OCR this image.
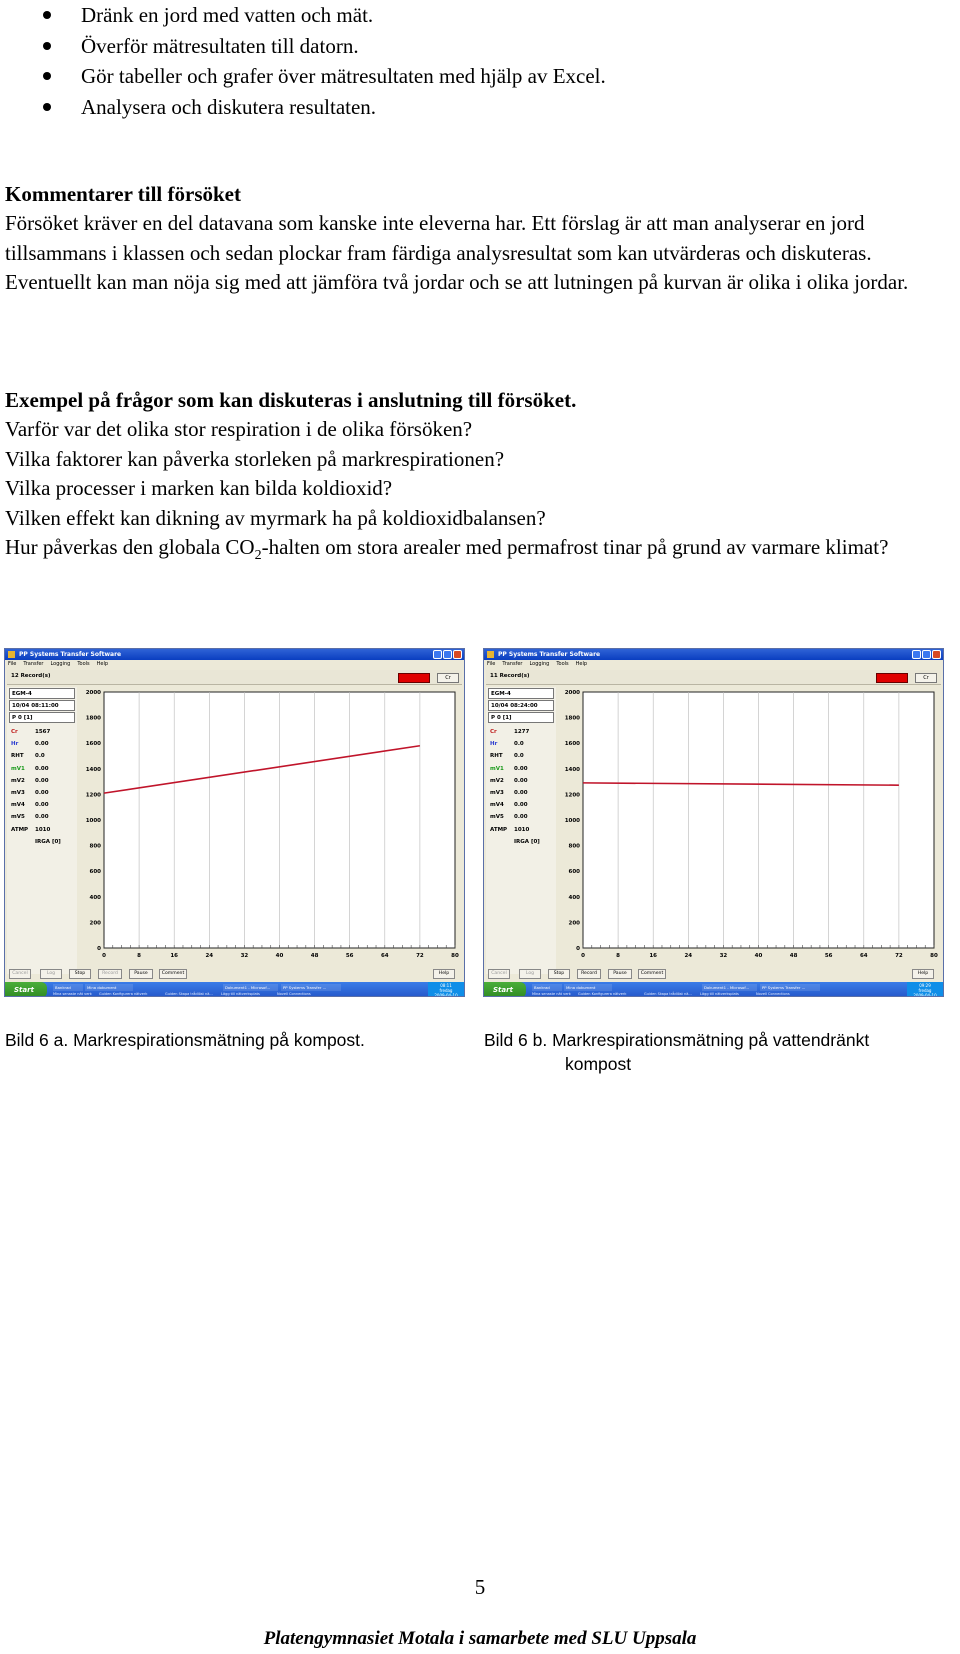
Dränk en jord med vatten och mät.
Överför mätresultaten till datorn.
Gör tabeller och grafer över mätresultaten med hjälp av Excel.
Analysera och diskutera resultaten.
Kommentarer till försöket
Försöket kräver en del datavana som kanske inte eleverna har. Ett förslag är att man analyserar en jord tillsammans i klassen och sedan plockar fram färdiga analysresultat som kan utvärderas och diskuteras.
Eventuellt kan man nöja sig med att jämföra två jordar och se att lutningen på kurvan är olika i olika jordar.
Exempel på frågor som kan diskuteras i anslutning till försöket.
Varför var det olika stor respiration i de olika försöken?
Vilka faktorer kan påverka storleken på markrespirationen?
Vilka processer i marken kan bilda koldioxid?
Vilken effekt kan dikning av myrmark ha på koldioxidbalansen?
Hur påverkas den globala $CO_2$-halten om stora arealer med permafrost tinar på grund av varmare klimat?
PP Systems Transfer Software
File Transfer Logging Tools Help
12 Record(s)	Cr
EGM-4
10/04 08:11:00
P 0 [1]
Cr	1567
Hr	0.00
RHT	0.0
mV1	0.00
mV2	0.00
mV3	0.00
mV4	0.00
mV5	0.00
ATMP	1010
IRGA [0]
0	8	16	24	32	40	48	56	64	72	80
2000
1800
1600
1400
1200
1000
800
600
400
200
0
Cancel	Log	Stop	Record	Pause	Comment	Help
Start	Bankrad	Mina dokument	Dokument1 - Microsof...	PP Systems Transfer ...
Mina senaste nät verk	Guiden Konfigurera nätverk	Guiden Skapa trådlöst nä...	Lägg till nätverksplats	Novell Connections
08:11
fredag
2009-04-10
PP Systems Transfer Software
File Transfer Logging Tools Help
11 Record(s)	Cr
EGM-4
10/04 08:24:00
P 0 [1]
Cr	1277
Hr	0.0
RHT	0.0
mV1	0.00
mV2	0.00
mV3	0.00
mV4	0.00
mV5	0.00
ATMP	1010
IRGA [0]
0	8	16	24	32	40	48	56	64	72	80
2000
1800
1600
1400
1200
1000
800
600
400
200
0
Cancel	Log	Stop	Record	Pause	Comment	Help
Start	Bankrad	Mina dokument	Dokument1 - Microsof...	PP Systems Transfer ...
Mina senaste nät verk	Guiden Konfigurera nätverk	Guiden Skapa trådlöst nä...	Lägg till nätverksplats	Novell Connections
09:29
fredag
2009-04-10
Bild 6 a. Markrespirationsmätning på kompost.	Bild 6 b. Markrespirationsmätning på vattendränkt
kompost
5
Platengymnasiet Motala i samarbete med SLU Uppsala
